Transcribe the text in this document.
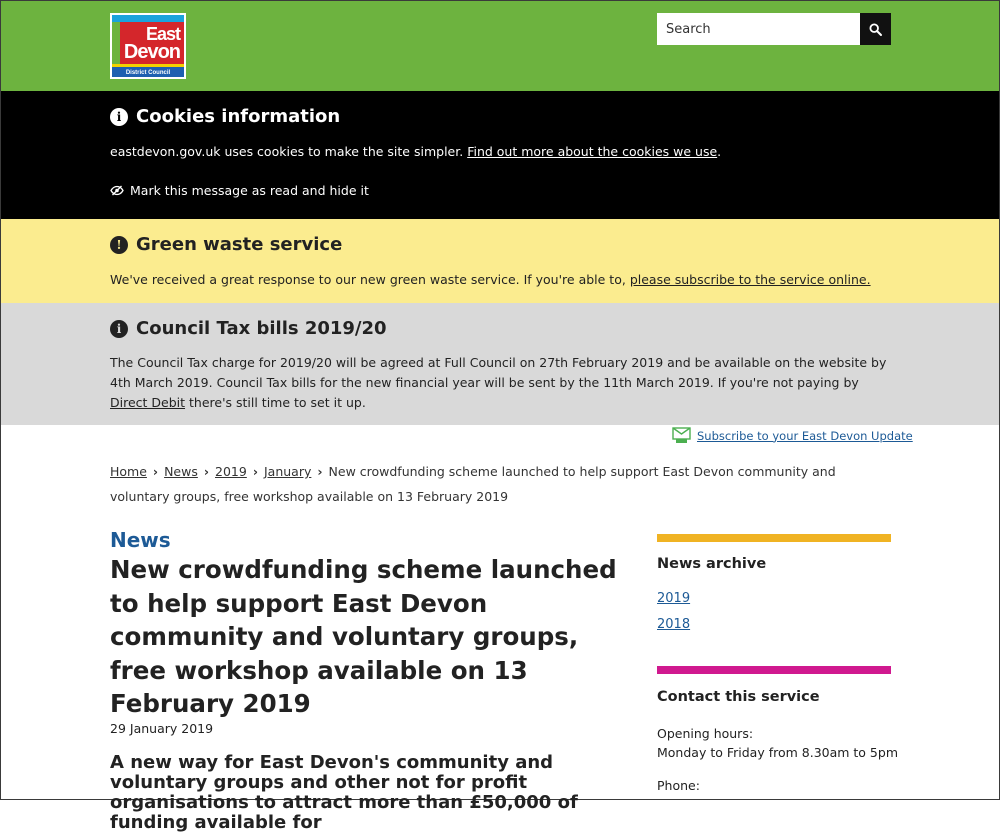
East
Devon
District Council
Search
i Cookies information
eastdevon.gov.uk uses cookies to make the site simpler. Find out more about the cookies we use.
Mark this message as read and hide it
! Green waste service
We've received a great response to our new green waste service. If you're able to, please subscribe to the service online.
i Council Tax bills 2019/20
The Council Tax charge for 2019/20 will be agreed at Full Council on 27th February 2019 and be available on the website by 4th March 2019. Council Tax bills for the new financial year will be sent by the 11th March 2019. If you're not paying by Direct Debit there's still time to set it up.
Subscribe to your East Devon Update
Home › News › 2019 › January › New crowdfunding scheme launched to help support East Devon community and voluntary groups, free workshop available on 13 February 2019
News
New crowdfunding scheme launched to help support East Devon community and voluntary groups, free workshop available on 13 February 2019
29 January 2019
A new way for East Devon's community and voluntary groups and other not for profit organisations to attract more than £50,000 of funding available for
News archive
2019
2018
Contact this service
Opening hours:
Monday to Friday from 8.30am to 5pm
Phone:
